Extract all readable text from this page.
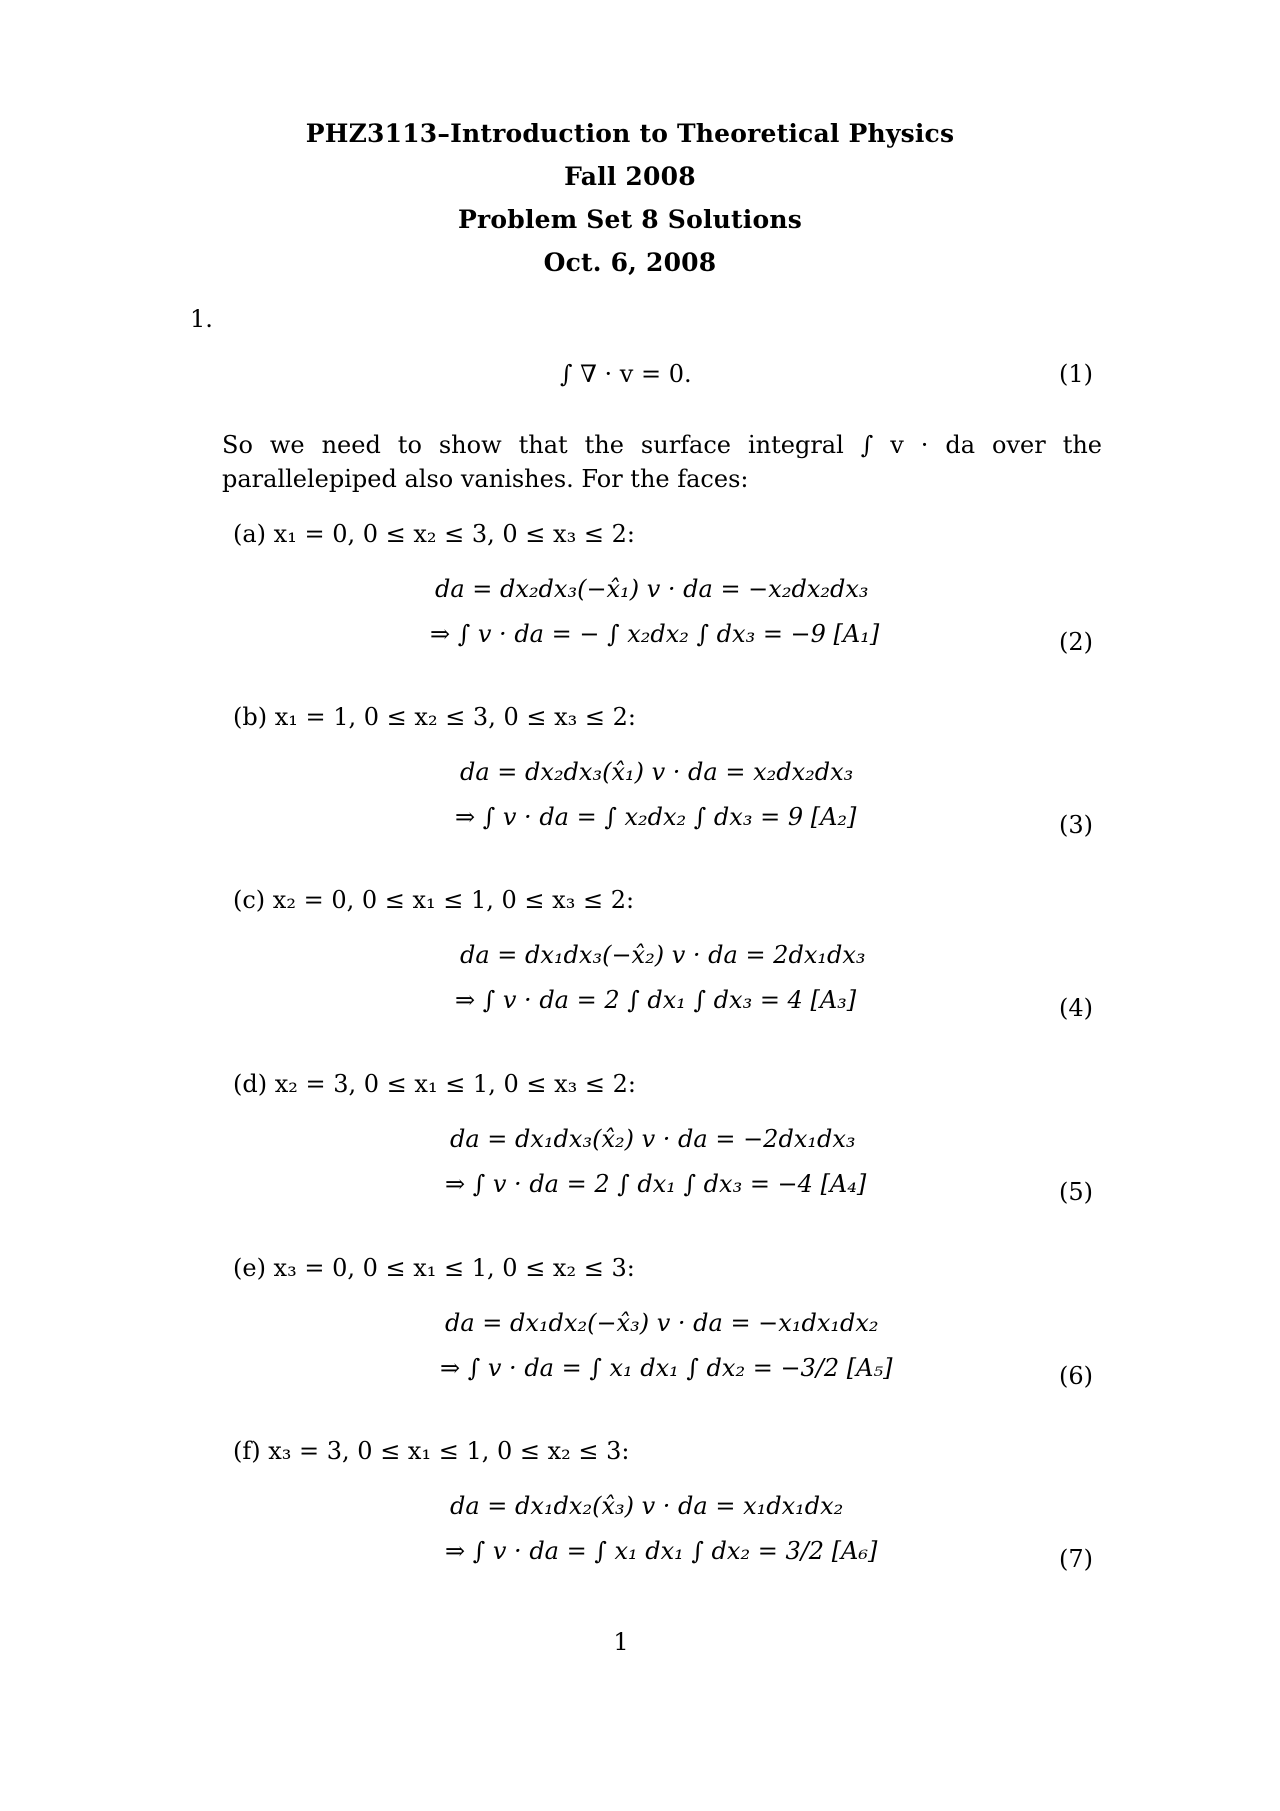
PHZ3113–Introduction to Theoretical Physics
Fall 2008
Problem Set 8 Solutions
Oct. 6, 2008
1.
∫ ∇ · v = 0.	(1)
So we need to show that the surface integral ∫ v · da over the parallelepiped also vanishes. For the faces:
(a) x₁ = 0, 0 ≤ x₂ ≤ 3, 0 ≤ x₃ ≤ 2:
da = dx₂dx₃(−x̂₁) v · da = −x₂dx₂dx₃
⇒ ∫ v · da = − ∫ x₂dx₂ ∫ dx₃ = −9 [A₁]	(2)
(b) x₁ = 1, 0 ≤ x₂ ≤ 3, 0 ≤ x₃ ≤ 2:
da = dx₂dx₃(x̂₁) v · da = x₂dx₂dx₃
⇒ ∫ v · da = ∫ x₂dx₂ ∫ dx₃ = 9 [A₂]	(3)
(c) x₂ = 0, 0 ≤ x₁ ≤ 1, 0 ≤ x₃ ≤ 2:
da = dx₁dx₃(−x̂₂) v · da = 2dx₁dx₃
⇒ ∫ v · da = 2 ∫ dx₁ ∫ dx₃ = 4 [A₃]	(4)
(d) x₂ = 3, 0 ≤ x₁ ≤ 1, 0 ≤ x₃ ≤ 2:
da = dx₁dx₃(x̂₂) v · da = −2dx₁dx₃
⇒ ∫ v · da = 2 ∫ dx₁ ∫ dx₃ = −4 [A₄]	(5)
(e) x₃ = 0, 0 ≤ x₁ ≤ 1, 0 ≤ x₂ ≤ 3:
da = dx₁dx₂(−x̂₃) v · da = −x₁dx₁dx₂
⇒ ∫ v · da = ∫ x₁ dx₁ ∫ dx₂ = −3/2 [A₅]	(6)
(f) x₃ = 3, 0 ≤ x₁ ≤ 1, 0 ≤ x₂ ≤ 3:
da = dx₁dx₂(x̂₃) v · da = x₁dx₁dx₂
⇒ ∫ v · da = ∫ x₁ dx₁ ∫ dx₂ = 3/2 [A₆]	(7)
1
